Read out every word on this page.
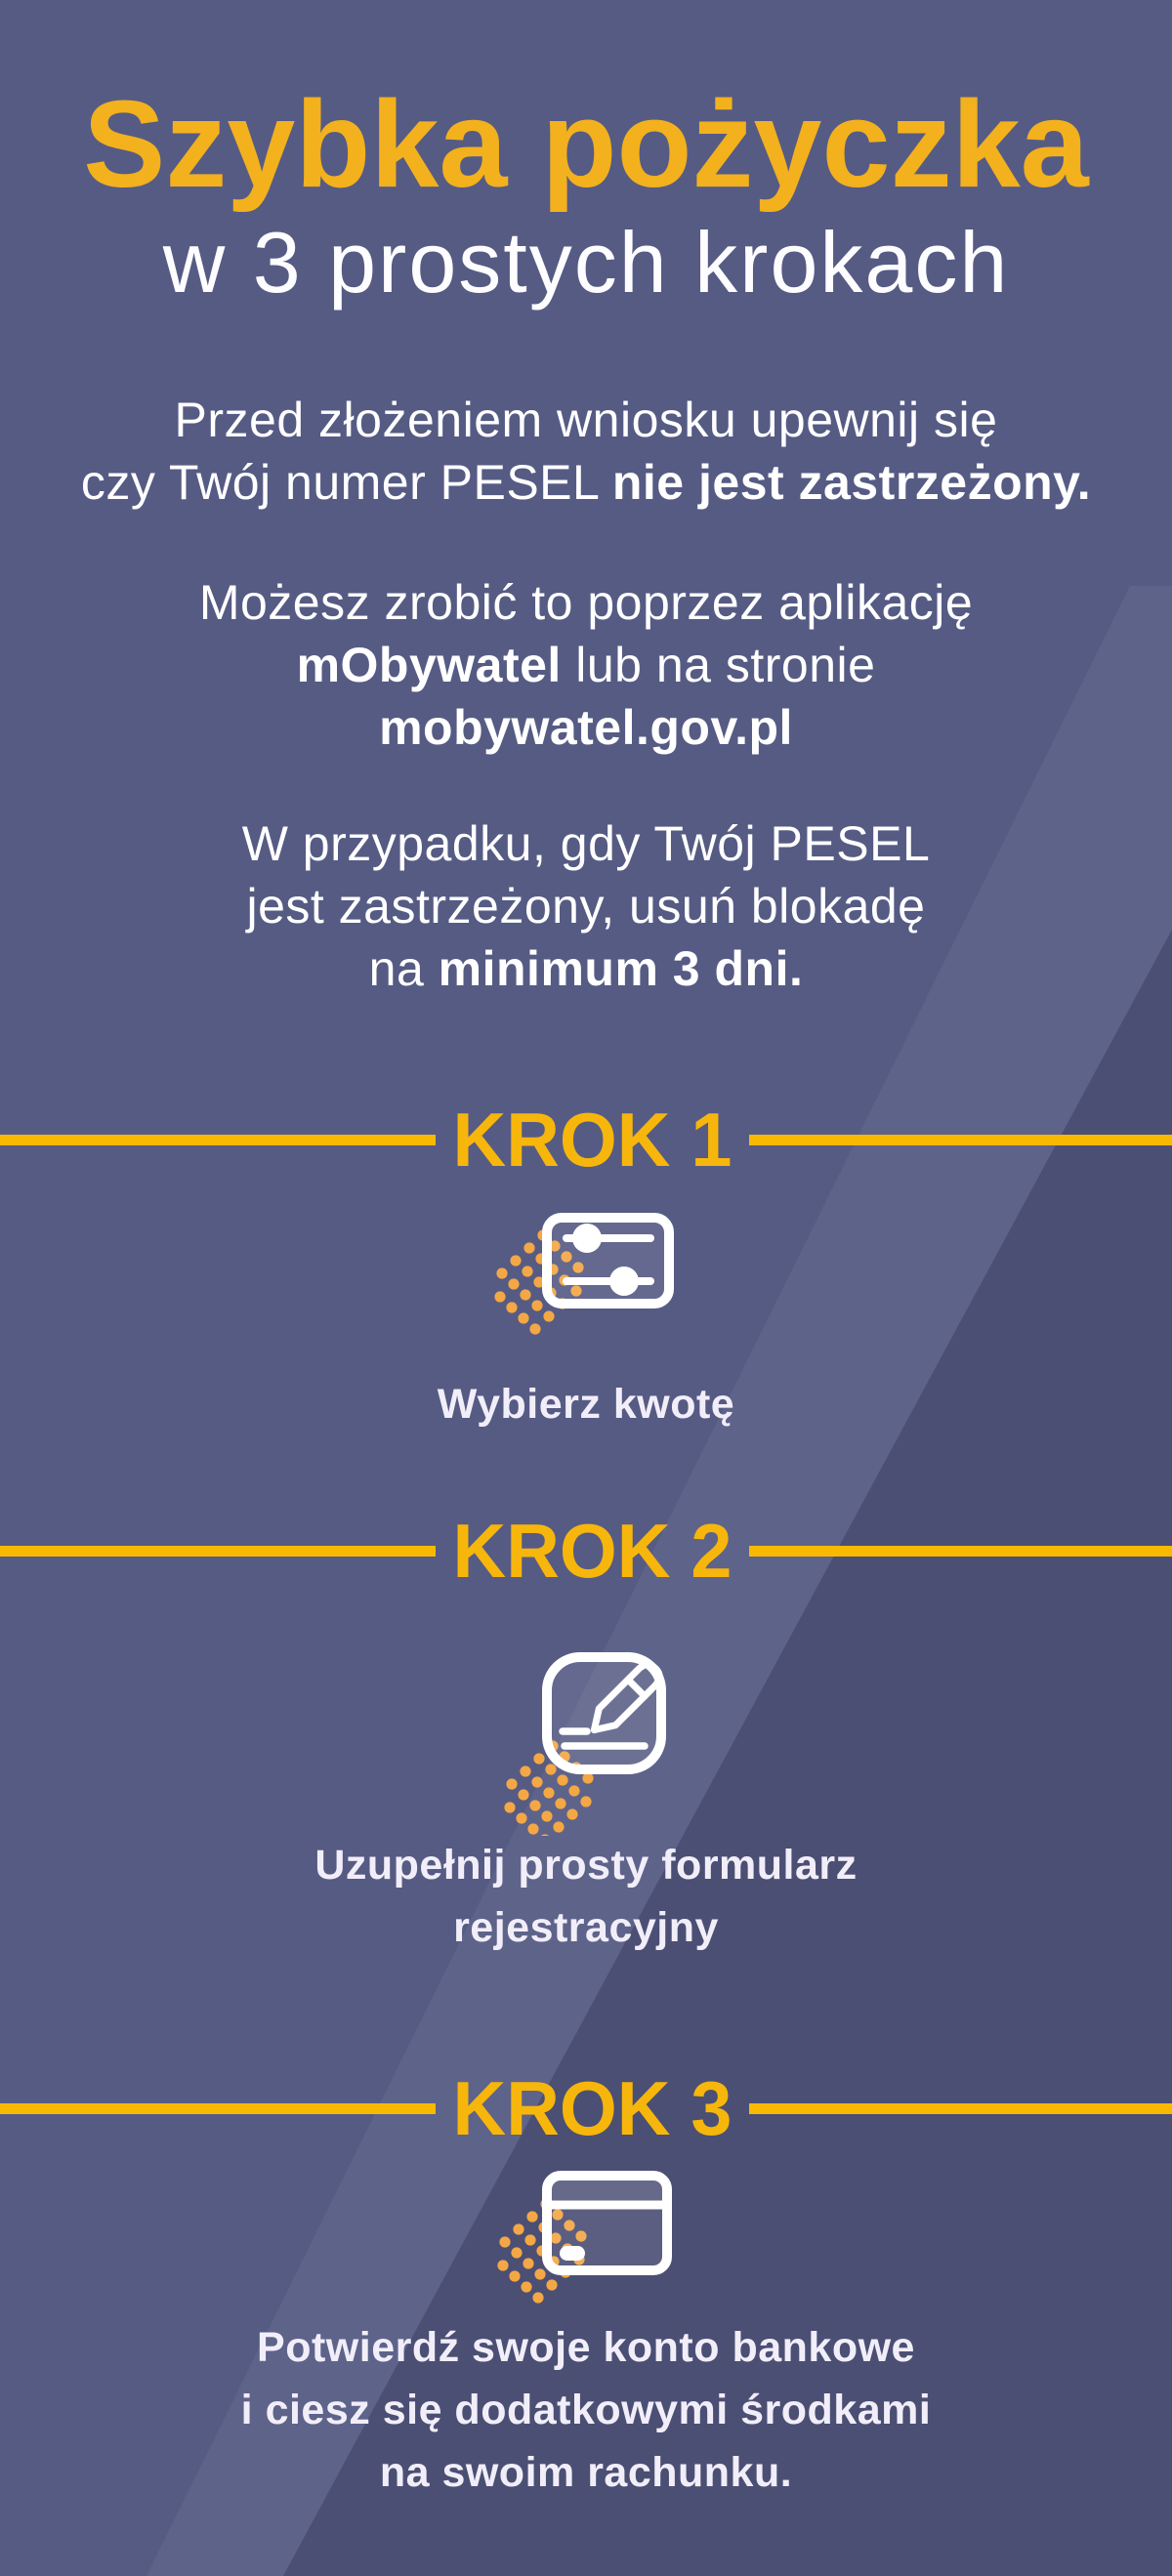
Szybka pożyczka
w 3 prostych krokach
Przed złożeniem wniosku upewnij się
czy Twój numer PESEL nie jest zastrzeżony.
Możesz zrobić to poprzez aplikację
mObywatel lub na stronie
mobywatel.gov.pl
W przypadku, gdy Twój PESEL
jest zastrzeżony, usuń blokadę
na minimum 3 dni.
KROK 1
Wybierz kwotę
KROK 2
Uzupełnij prosty formularz
rejestracyjny
KROK 3
Potwierdź swoje konto bankowe
i ciesz się dodatkowymi środkami
na swoim rachunku.
